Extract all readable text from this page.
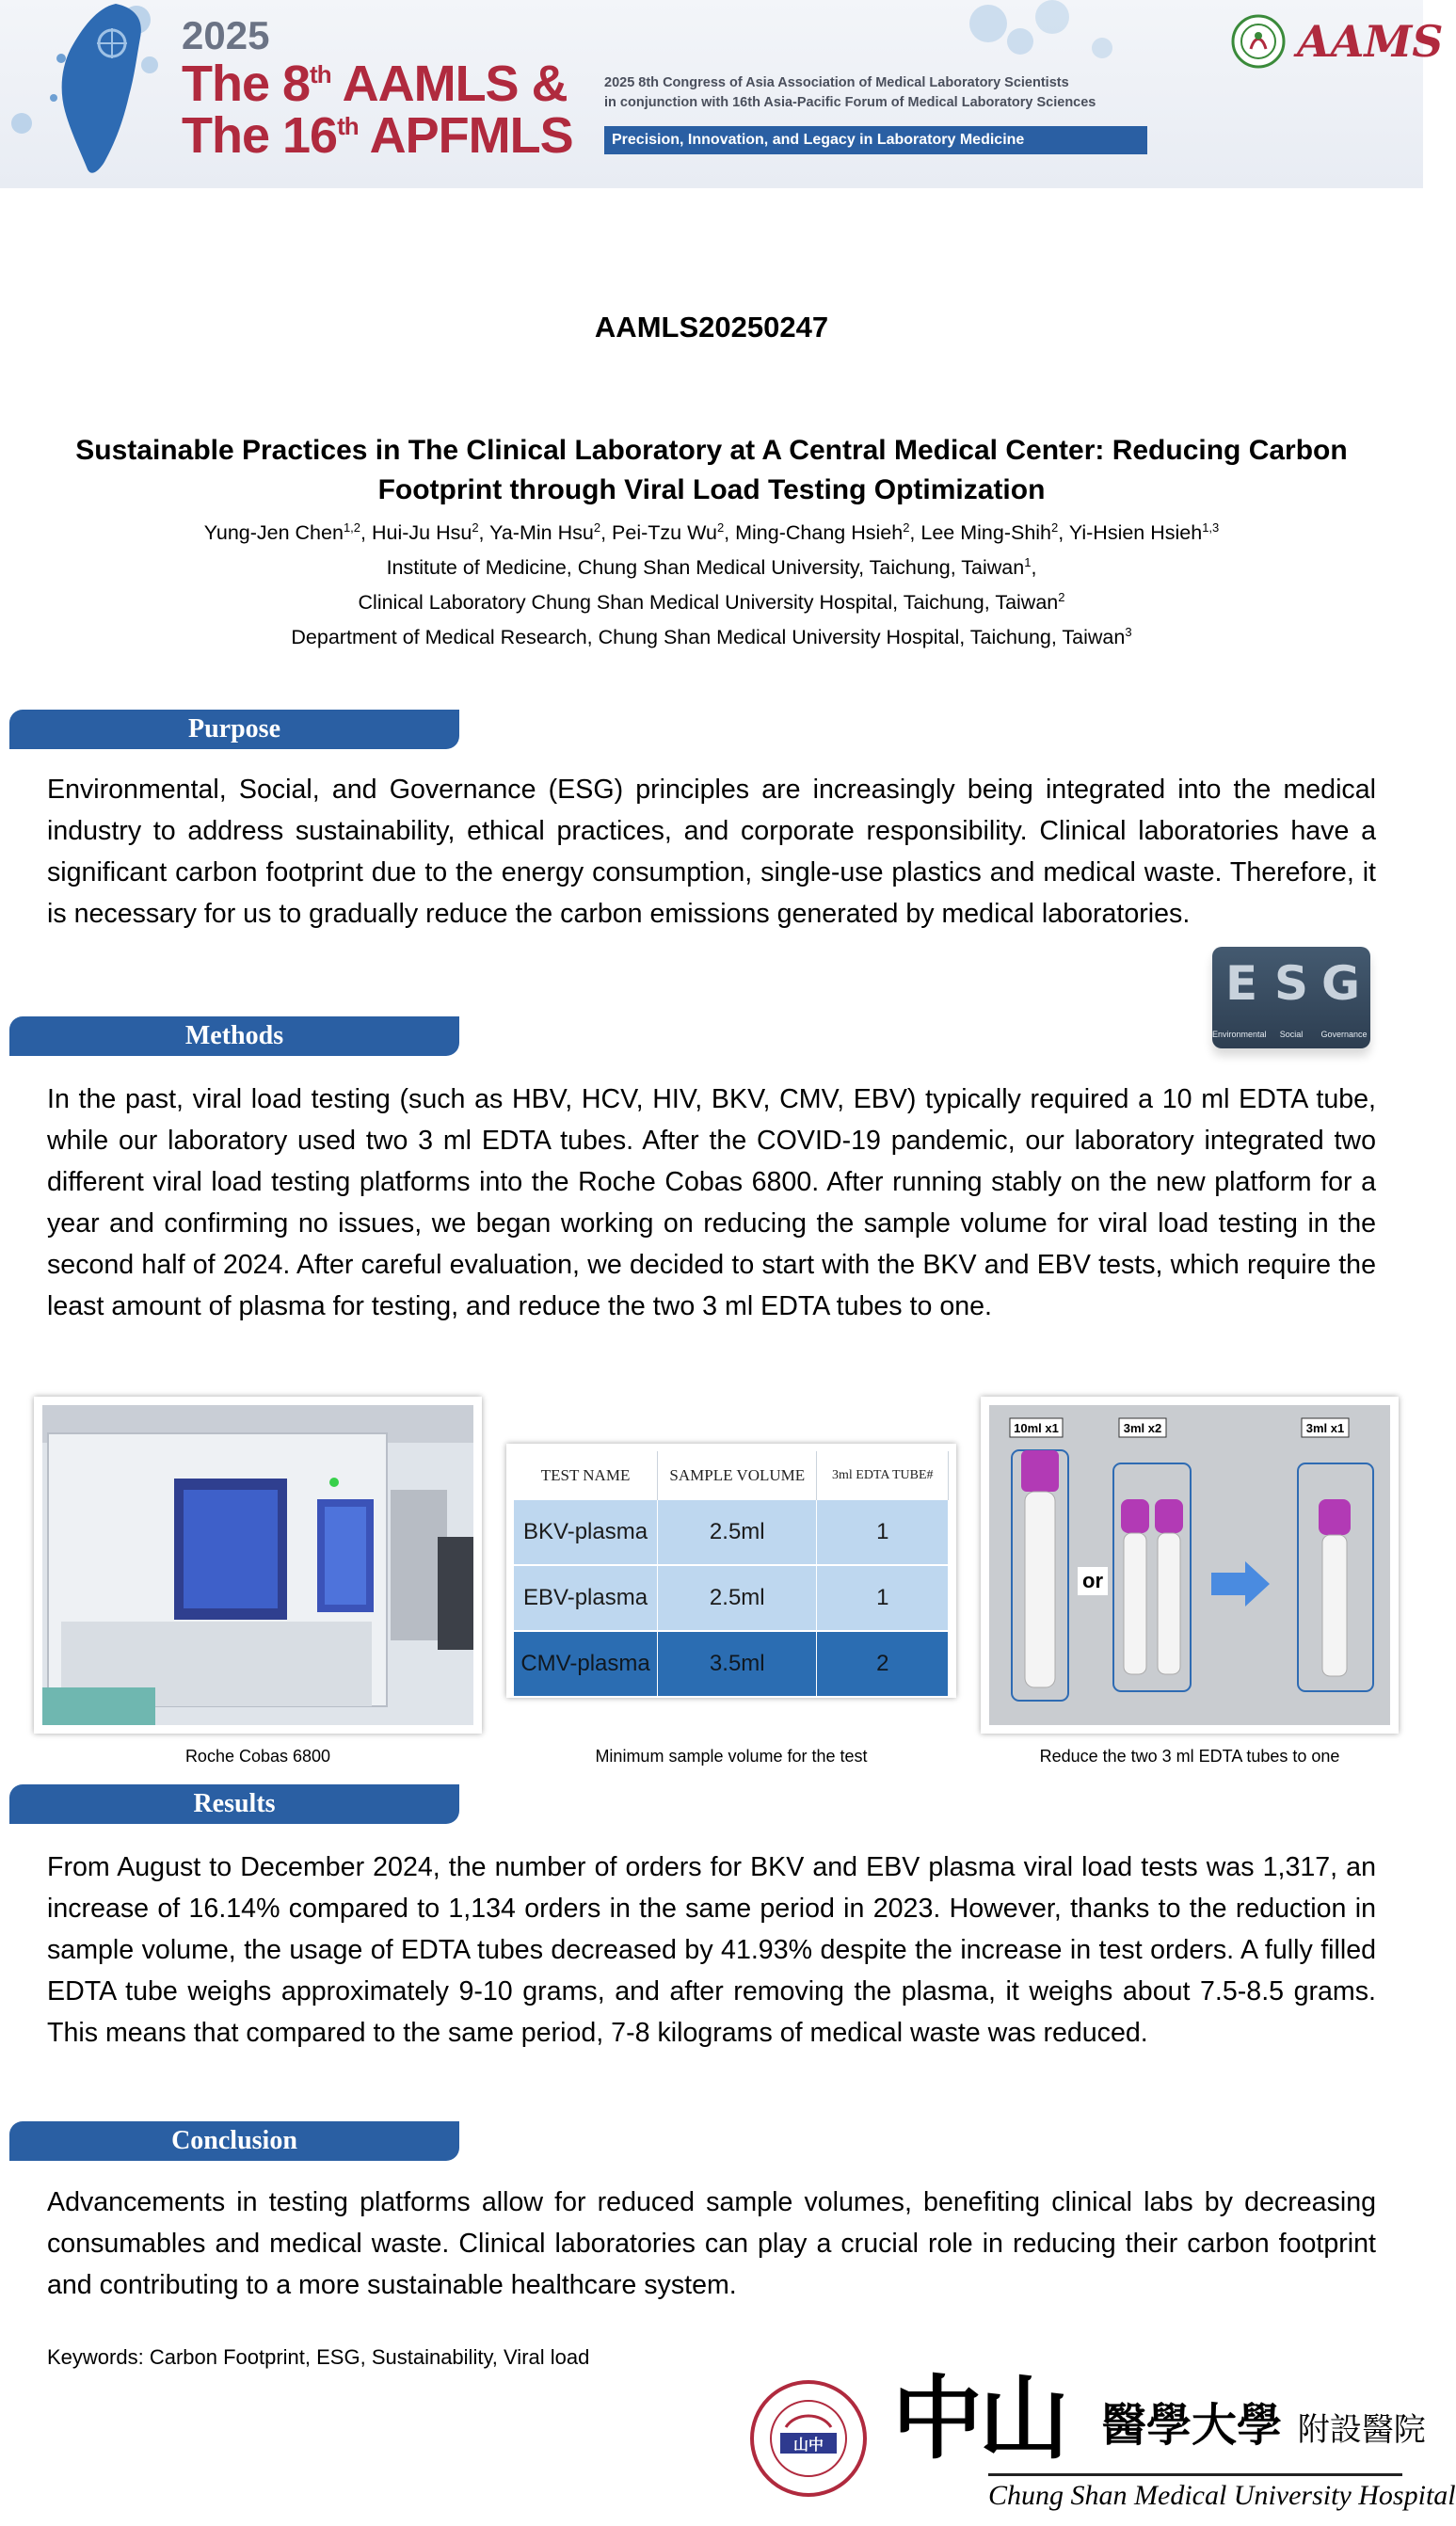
2025
The 8th AAMLS &
The 16th APFMLS
2025 8th Congress of Asia Association of Medical Laboratory Scientists
in conjunction with 16th Asia-Pacific Forum of Medical Laboratory Sciences
Precision, Innovation, and Legacy in Laboratory Medicine
AAMS
AAMLS20250247
Sustainable Practices in The Clinical Laboratory at A Central Medical Center: Reducing Carbon
Footprint through Viral Load Testing Optimization
Yung-Jen Chen$^{1,2}$, Hui-Ju Hsu$^2$, Ya-Min Hsu$^2$, Pei-Tzu Wu$^2$, Ming-Chang Hsieh$^2$, Lee Ming-Shih$^2$, Yi-Hsien Hsieh$^{1,3}$
Institute of Medicine, Chung Shan Medical University, Taichung, Taiwan$^1$,
Clinical Laboratory Chung Shan Medical University Hospital, Taichung, Taiwan$^2$
Department of Medical Research, Chung Shan Medical University Hospital, Taichung, Taiwan$^3$
Purpose
Environmental, Social, and Governance (ESG) principles are increasingly being integrated into the medical industry to address sustainability, ethical practices, and corporate responsibility. Clinical laboratories have a significant carbon footprint due to the energy consumption, single-use plastics and medical waste. Therefore, it is necessary for us to gradually reduce the carbon emissions generated by medical laboratories.
E S G
Environmental	Social	Governance
Methods
In the past, viral load testing (such as HBV, HCV, HIV, BKV, CMV, EBV) typically required a 10 ml EDTA tube, while our laboratory used two 3 ml EDTA tubes. After the COVID-19 pandemic, our laboratory integrated two different viral load testing platforms into the Roche Cobas 6800. After running stably on the new platform for a year and confirming no issues, we began working on reducing the sample volume for viral load testing in the second half of 2024. After careful evaluation, we decided to start with the BKV and EBV tests, which require the least amount of plasma for testing, and reduce the two 3 ml EDTA tubes to one.
Roche Cobas 6800
TEST NAME	SAMPLE VOLUME	3ml EDTA TUBE#
BKV-plasma	2.5ml	1
EBV-plasma	2.5ml	1
CMV-plasma	3.5ml	2
Minimum sample volume for the test
10ml x1	3ml x2	3ml x1
or
Reduce the two 3 ml EDTA tubes to one
Results
From August to December 2024, the number of orders for BKV and EBV plasma viral load tests was 1,317, an increase of 16.14% compared to 1,134 orders in the same period in 2023. However, thanks to the reduction in sample volume, the usage of EDTA tubes decreased by 41.93% despite the increase in test orders. A fully filled EDTA tube weighs approximately 9-10 grams, and after removing the plasma, it weighs about 7.5-8.5 grams. This means that compared to the same period, 7-8 kilograms of medical waste was reduced.
Conclusion
Advancements in testing platforms allow for reduced sample volumes, benefiting clinical labs by decreasing consumables and medical waste. Clinical laboratories can play a crucial role in reducing their carbon footprint and contributing to a more sustainable healthcare system.
Keywords: Carbon Footprint, ESG, Sustainability, Viral load
山中 中山 醫學大學 附設醫院
Chung Shan Medical University Hospital
